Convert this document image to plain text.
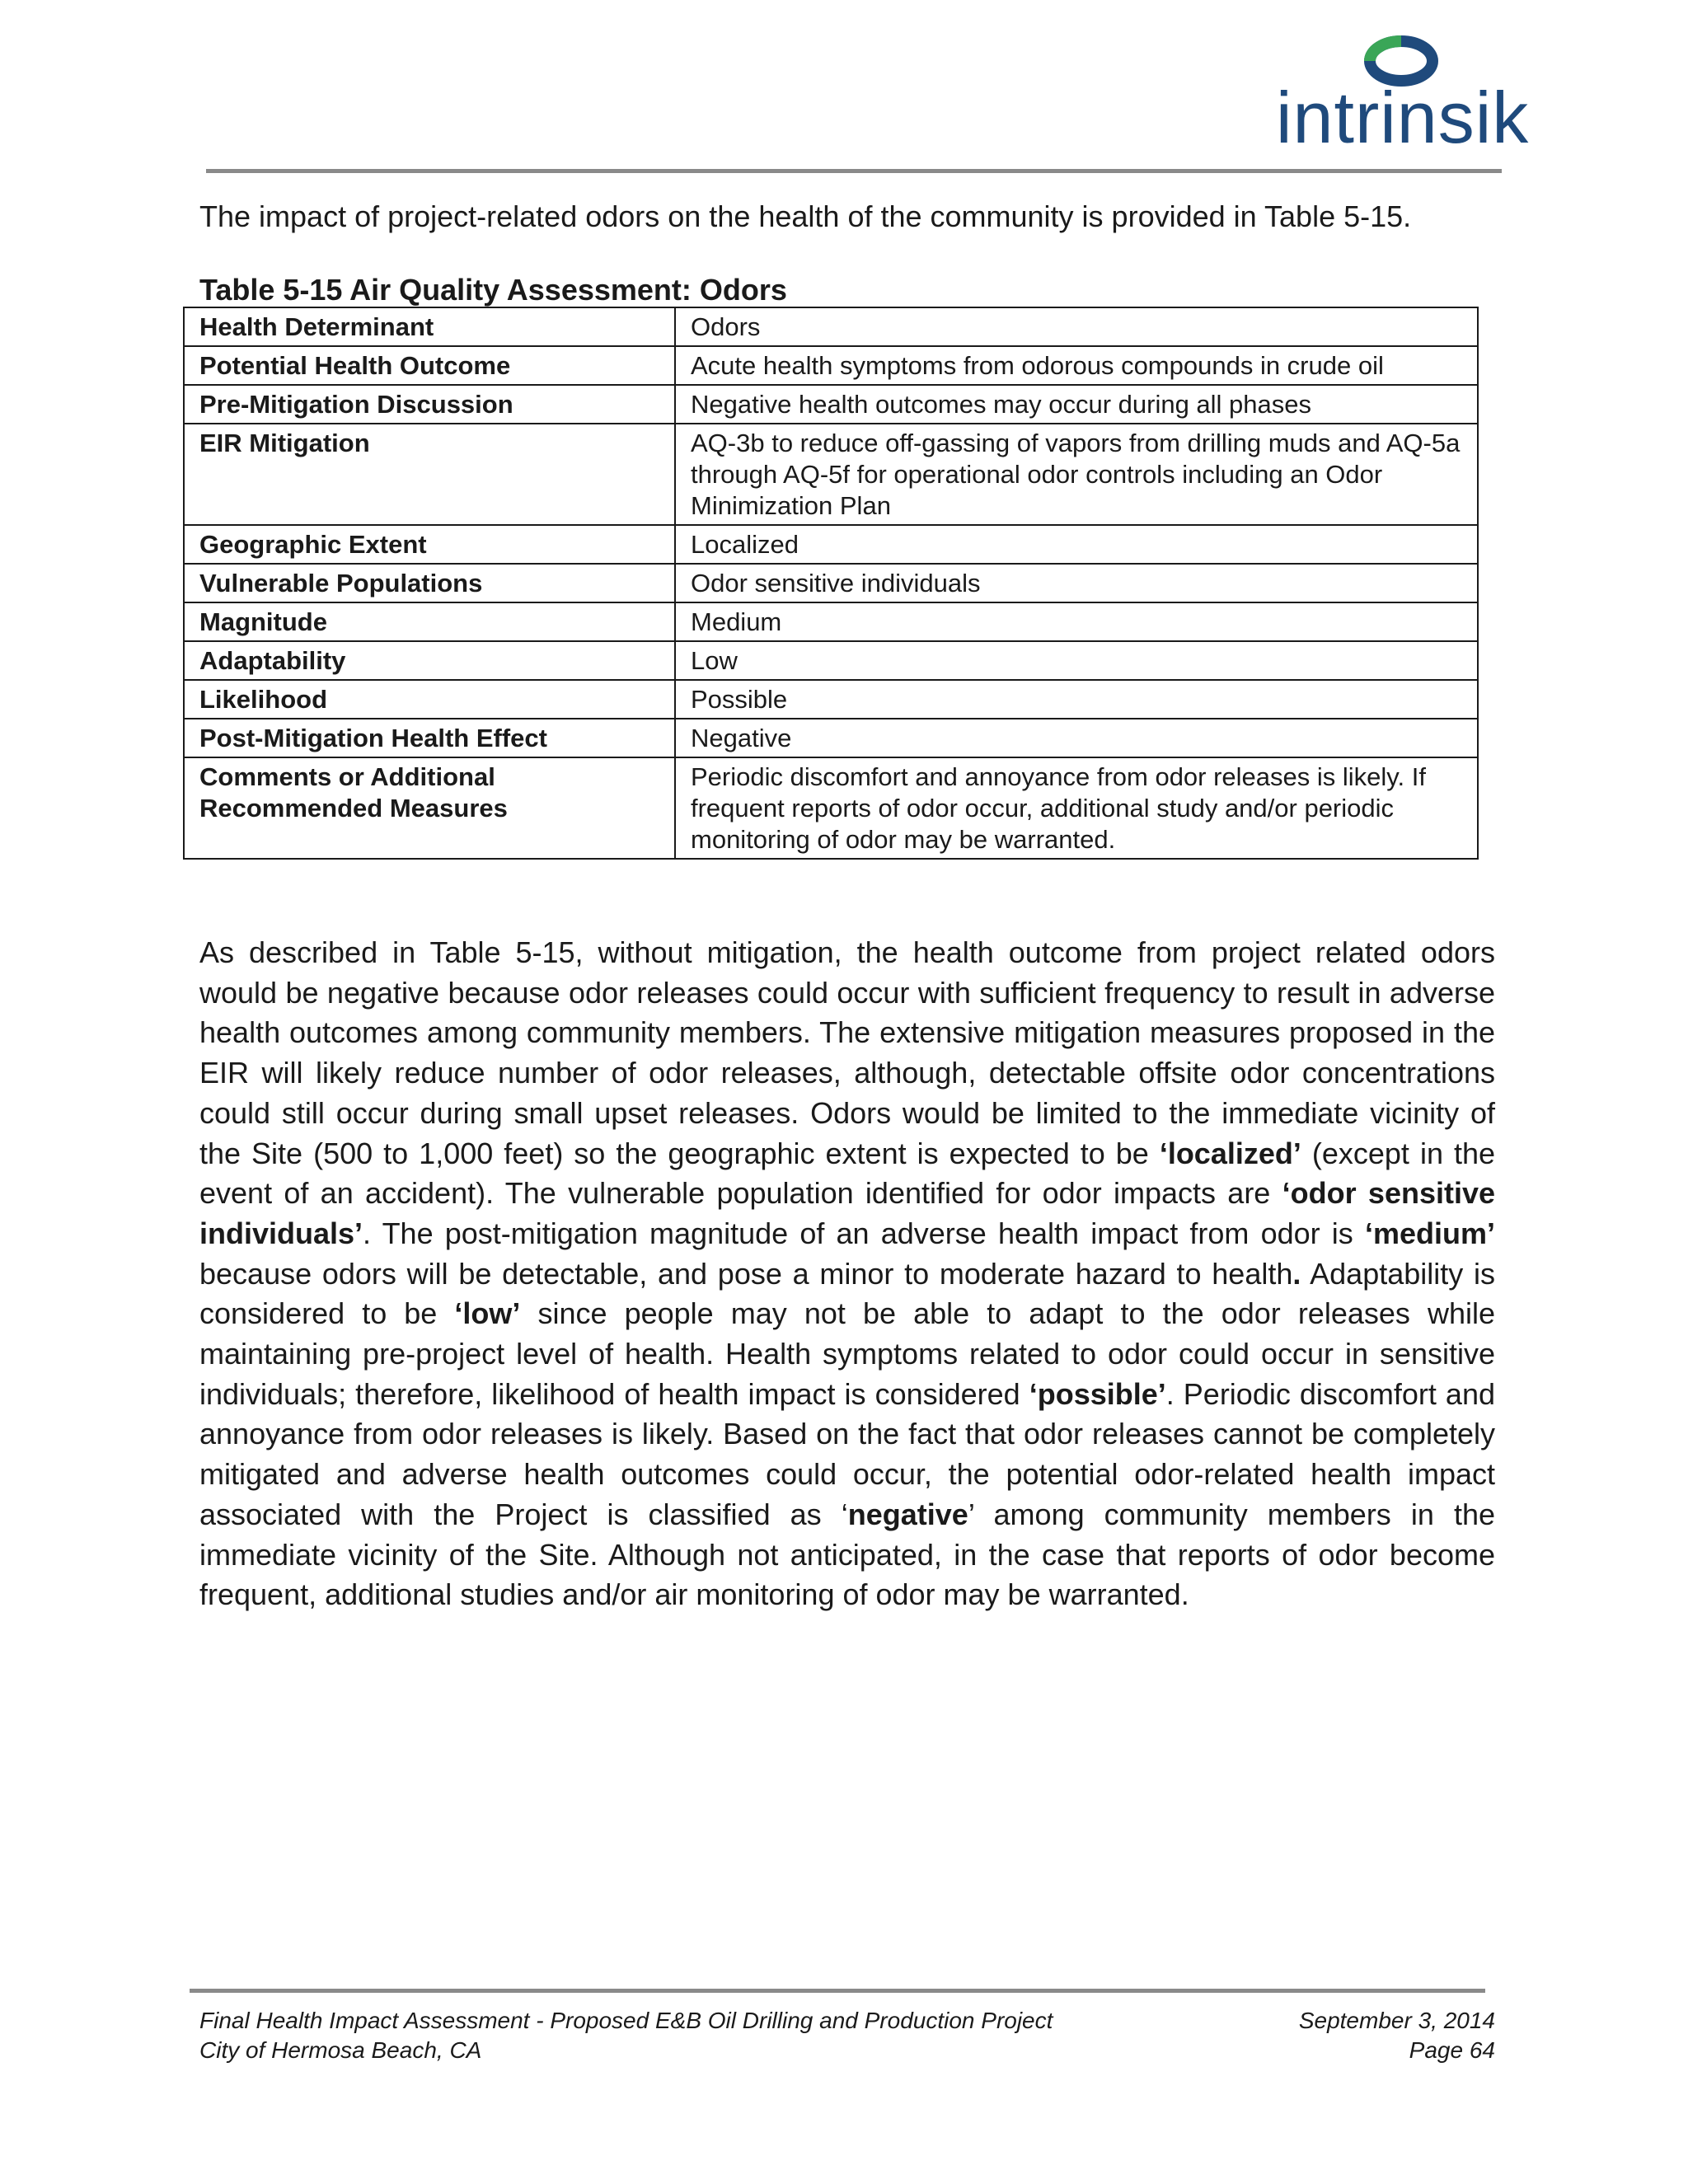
intrinsik
The impact of project-related odors on the health of the community is provided in Table 5-15.
Table 5-15 Air Quality Assessment: Odors
Health Determinant	Odors
Potential Health Outcome	Acute health symptoms from odorous compounds in crude oil
Pre-Mitigation Discussion	Negative health outcomes may occur during all phases
EIR Mitigation	AQ-3b to reduce off-gassing of vapors from drilling muds and AQ-5a through AQ-5f for operational odor controls including an Odor Minimization Plan
Geographic Extent	Localized
Vulnerable Populations	Odor sensitive individuals
Magnitude	Medium
Adaptability	Low
Likelihood	Possible
Post-Mitigation Health Effect	Negative
Comments or Additional Recommended Measures	Periodic discomfort and annoyance from odor releases is likely. If frequent reports of odor occur, additional study and/or periodic monitoring of odor may be warranted.
As described in Table 5-15, without mitigation, the health outcome from project related odors would be negative because odor releases could occur with sufficient frequency to result in adverse health outcomes among community members. The extensive mitigation measures proposed in the EIR will likely reduce number of odor releases, although, detectable offsite odor concentrations could still occur during small upset releases. Odors would be limited to the immediate vicinity of the Site (500 to 1,000 feet) so the geographic extent is expected to be ‘localized’ (except in the event of an accident). The vulnerable population identified for odor impacts are ‘odor sensitive individuals’. The post-mitigation magnitude of an adverse health impact from odor is ‘medium’ because odors will be detectable, and pose a minor to moderate hazard to health. Adaptability is considered to be ‘low’ since people may not be able to adapt to the odor releases while maintaining pre-project level of health. Health symptoms related to odor could occur in sensitive individuals; therefore, likelihood of health impact is considered ‘possible’. Periodic discomfort and annoyance from odor releases is likely. Based on the fact that odor releases cannot be completely mitigated and adverse health outcomes could occur, the potential odor-related health impact associated with the Project is classified as ‘negative’ among community members in the immediate vicinity of the Site. Although not anticipated, in the case that reports of odor become frequent, additional studies and/or air monitoring of odor may be warranted.
Final Health Impact Assessment - Proposed E&B Oil Drilling and Production Project	September 3, 2014
City of Hermosa Beach, CA	Page 64
